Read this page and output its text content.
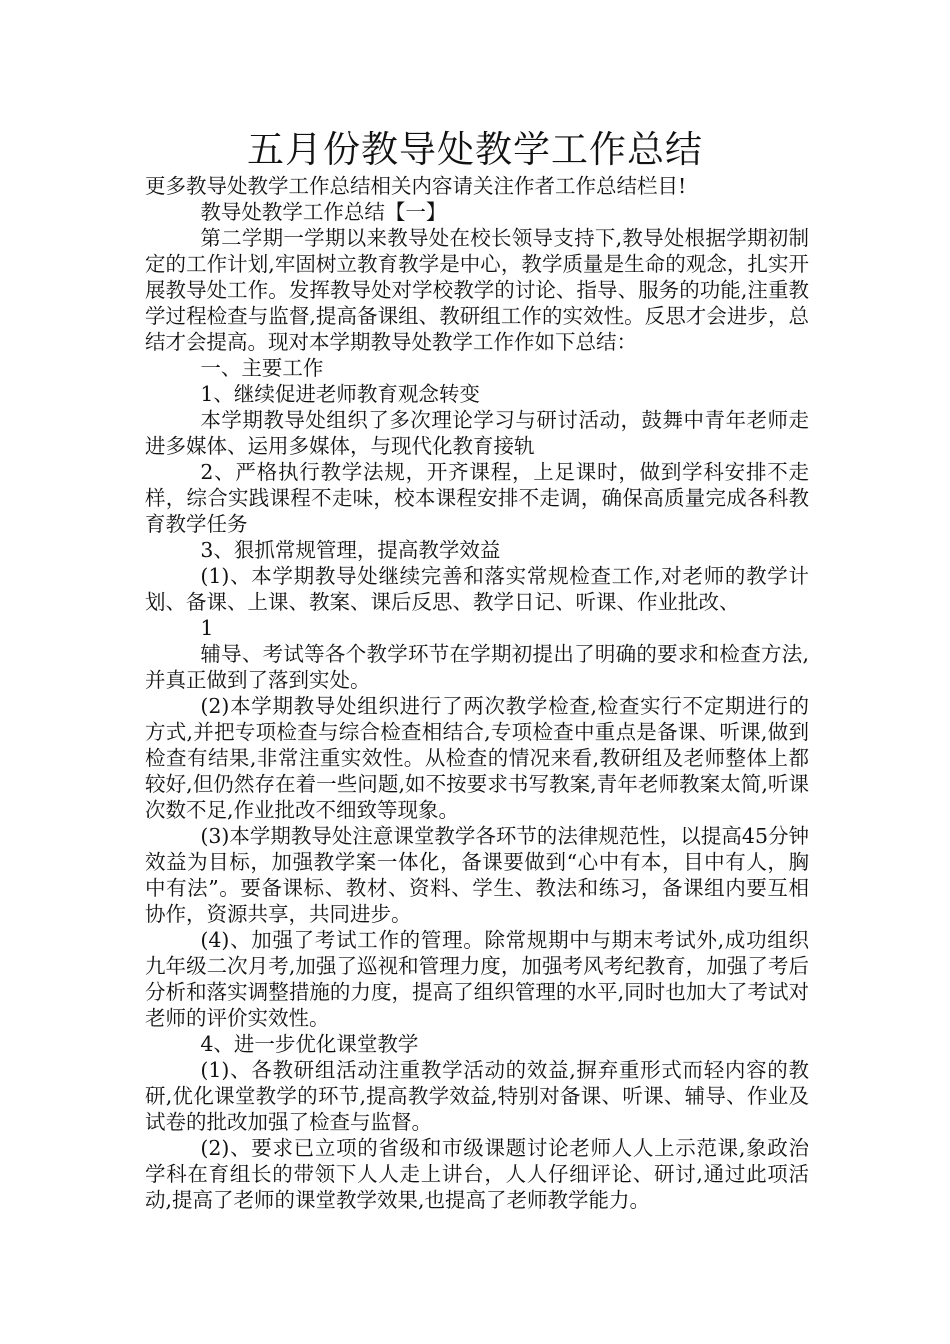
五月份教导处教学工作总结

更多教导处教学工作总结相关内容请关注作者工作总结栏目!

教导处教学工作总结【一】

第二学期一学期以来教导处在校长领导支持下,教导处根据学期初制定的工作计划,牢固树立教育教学是中心，教学质量是生命的观念，扎实开展教导处工作。发挥教导处对学校教学的讨论、指导、服务的功能,注重教学过程检查与监督,提高备课组、教研组工作的实效性。反思才会进步，总结才会提高。现对本学期教导处教学工作作如下总结：

一、主要工作

1、继续促进老师教育观念转变

本学期教导处组织了多次理论学习与研讨活动，鼓舞中青年老师走进多媒体、运用多媒体，与现代化教育接轨

2、严格执行教学法规，开齐课程，上足课时，做到学科安排不走样，综合实践课程不走味，校本课程安排不走调，确保高质量完成各科教育教学任务

3、狠抓常规管理，提高教学效益

(1)、本学期教导处继续完善和落实常规检查工作,对老师的教学计划、备课、上课、教案、课后反思、教学日记、听课、作业批改、

1

辅导、考试等各个教学环节在学期初提出了明确的要求和检查方法,并真正做到了落到实处。

(2)本学期教导处组织进行了两次教学检查,检查实行不定期进行的方式,并把专项检查与综合检查相结合,专项检查中重点是备课、听课,做到检查有结果,非常注重实效性。从检查的情况来看,教研组及老师整体上都较好,但仍然存在着一些问题,如不按要求书写教案,青年老师教案太简,听课次数不足,作业批改不细致等现象。

(3)本学期教导处注意课堂教学各环节的法律规范性，以提高45分钟效益为目标，加强教学案一体化，备课要做到“心中有本，目中有人，胸中有法”。要备课标、教材、资料、学生、教法和练习，备课组内要互相协作，资源共享，共同进步。

(4)、加强了考试工作的管理。除常规期中与期末考试外,成功组织九年级二次月考,加强了巡视和管理力度，加强考风考纪教育，加强了考后分析和落实调整措施的力度，提高了组织管理的水平,同时也加大了考试对老师的评价实效性。

4、进一步优化课堂教学

(1)、各教研组活动注重教学活动的效益,摒弃重形式而轻内容的教研,优化课堂教学的环节,提高教学效益,特别对备课、听课、辅导、作业及试卷的批改加强了检查与监督。

(2)、要求已立项的省级和市级课题讨论老师人人上示范课,象政治学科在育组长的带领下人人走上讲台，人人仔细评论、研讨,通过此项活动,提高了老师的课堂教学效果,也提高了老师教学能力。
